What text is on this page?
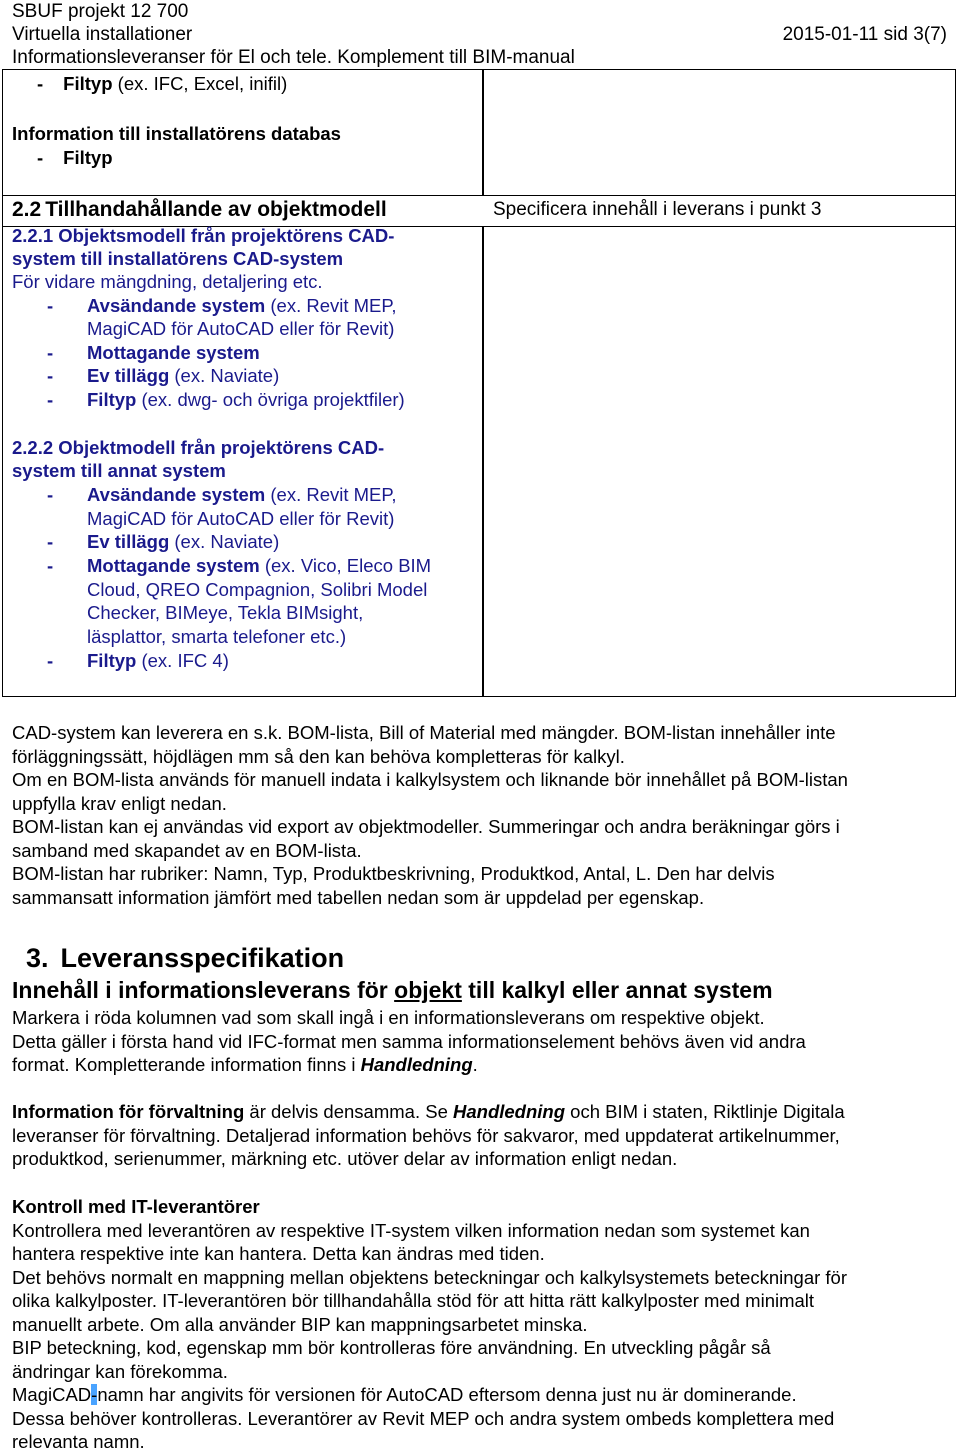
SBUF projekt 12 700
Virtuella installationer	2015-01-11 sid 3(7)
Informationsleveranser för El och tele. Komplement till BIM-manual
- Filtyp (ex. IFC, Excel, inifil)
Information till installatörens databas
- Filtyp
2.2 Tillhandahållande av objektmodell	Specificera innehåll i leverans i punkt 3
2.2.1 Objektsmodell från projektörens CAD-
system till installatörens CAD-system
För vidare mängdning, detaljering etc.
- Avsändande system (ex. Revit MEP,
MagiCAD för AutoCAD eller för Revit)
- Mottagande system
- Ev tillägg (ex. Naviate)
- Filtyp (ex. dwg- och övriga projektfiler)
2.2.2 Objektmodell från projektörens CAD-
system till annat system
- Avsändande system (ex. Revit MEP,
MagiCAD för AutoCAD eller för Revit)
- Ev tillägg (ex. Naviate)
- Mottagande system (ex. Vico, Eleco BIM
Cloud, QREO Compagnion, Solibri Model
Checker, BIMeye, Tekla BIMsight,
läsplattor, smarta telefoner etc.)
- Filtyp (ex. IFC 4)
CAD-system kan leverera en s.k. BOM-lista, Bill of Material med mängder. BOM-listan innehåller inte
förläggningssätt, höjdlägen mm så den kan behöva kompletteras för kalkyl.
Om en BOM-lista används för manuell indata i kalkylsystem och liknande bör innehållet på BOM-listan
uppfylla krav enligt nedan.
BOM-listan kan ej användas vid export av objektmodeller. Summeringar och andra beräkningar görs i
samband med skapandet av en BOM-lista.
BOM-listan har rubriker: Namn, Typ, Produktbeskrivning, Produktkod, Antal, L. Den har delvis
sammansatt information jämfört med tabellen nedan som är uppdelad per egenskap.
3. Leveransspecifikation
Innehåll i informationsleverans för objekt till kalkyl eller annat system
Markera i röda kolumnen vad som skall ingå i en informationsleverans om respektive objekt.
Detta gäller i första hand vid IFC-format men samma informationselement behövs även vid andra
format. Kompletterande information finns i Handledning.
Information för förvaltning är delvis densamma. Se Handledning och BIM i staten, Riktlinje Digitala
leveranser för förvaltning. Detaljerad information behövs för sakvaror, med uppdaterat artikelnummer,
produktkod, serienummer, märkning etc. utöver delar av information enligt nedan.
Kontroll med IT-leverantörer
Kontrollera med leverantören av respektive IT-system vilken information nedan som systemet kan
hantera respektive inte kan hantera. Detta kan ändras med tiden.
Det behövs normalt en mappning mellan objektens beteckningar och kalkylsystemets beteckningar för
olika kalkylposter. IT-leverantören bör tillhandahålla stöd för att hitta rätt kalkylposter med minimalt
manuellt arbete. Om alla använder BIP kan mappningsarbetet minska.
BIP beteckning, kod, egenskap mm bör kontrolleras före användning. En utveckling pågår så
ändringar kan förekomma.
MagiCAD-namn har angivits för versionen för AutoCAD eftersom denna just nu är dominerande.
Dessa behöver kontrolleras. Leverantörer av Revit MEP och andra system ombeds komplettera med
relevanta namn.
